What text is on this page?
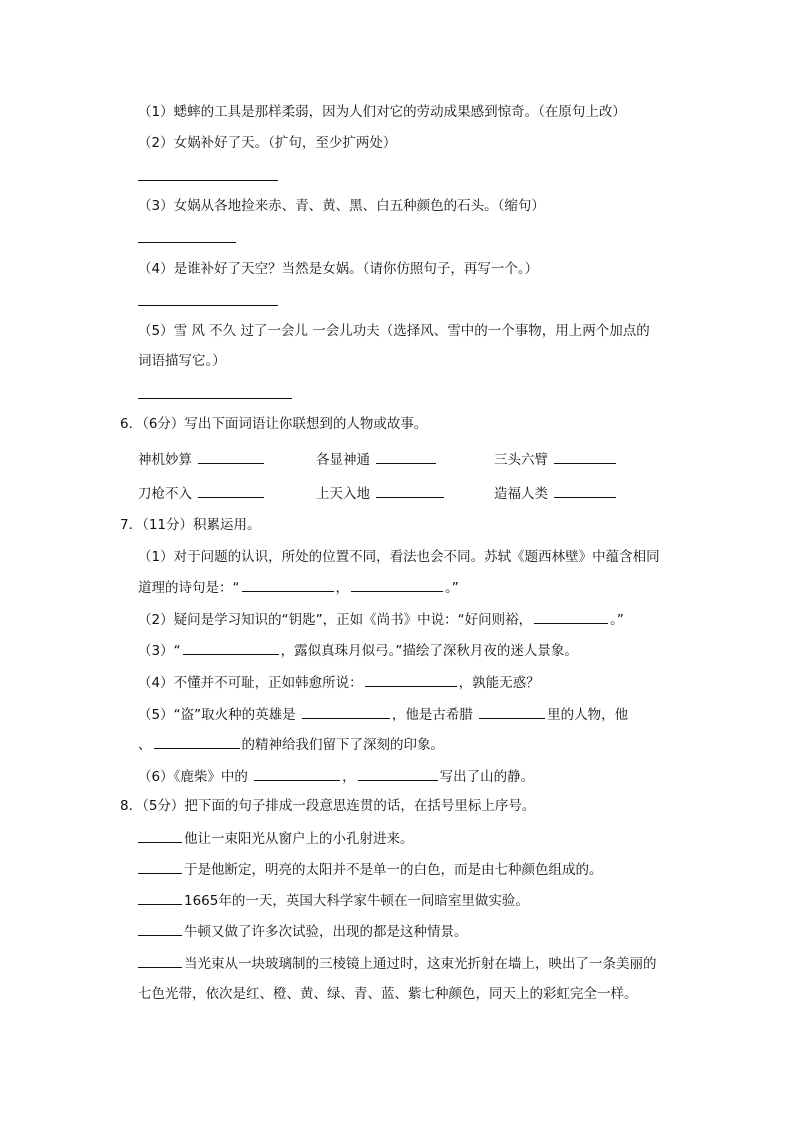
（1）蟋蟀的工具是那样柔弱，因为人们对它的劳动成果感到惊奇。（在原句上改）
（2）女娲补好了天。（扩句，至少扩两处）
（3）女娲从各地捡来赤、青、黄、黑、白五种颜色的石头。（缩句）
（4）是谁补好了天空？当然是女娲。（请你仿照句子，再写一个。）
（5）雪 风 不久 过了一会儿 一会儿功夫（选择风、雪中的一个事物，用上两个加点的
词语描写它。）
6．（6分）写出下面词语让你联想到的人物或故事。
神机妙算	各显神通	三头六臂
刀枪不入	上天入地	造福人类
7．（11分）积累运用。
（1）对于问题的认识，所处的位置不同，看法也会不同。苏轼《题西林壁》中蕴含相同
道理的诗句是：“	，	。”
（2）疑问是学习知识的“钥匙”，正如《尚书》中说：“好问则裕，	。”
（3）“	，露似真珠月似弓。”描绘了深秋月夜的迷人景象。
（4）不懂并不可耻，正如韩愈所说：	，孰能无惑？
（5）“盗”取火种的英雄是	，他是古希腊	里的人物，他
、	的精神给我们留下了深刻的印象。
（6）《鹿柴》中的	，	写出了山的静。
8．（5分）把下面的句子排成一段意思连贯的话，在括号里标上序号。
他让一束阳光从窗户上的小孔射进来。
于是他断定，明亮的太阳并不是单一的白色，而是由七种颜色组成的。
1665年的一天，英国大科学家牛顿在一间暗室里做实验。
牛顿又做了许多次试验，出现的都是这种情景。
当光束从一块玻璃制的三棱镜上通过时，这束光折射在墙上，映出了一条美丽的
七色光带，依次是红、橙、黄、绿、青、蓝、紫七种颜色，同天上的彩虹完全一样。
